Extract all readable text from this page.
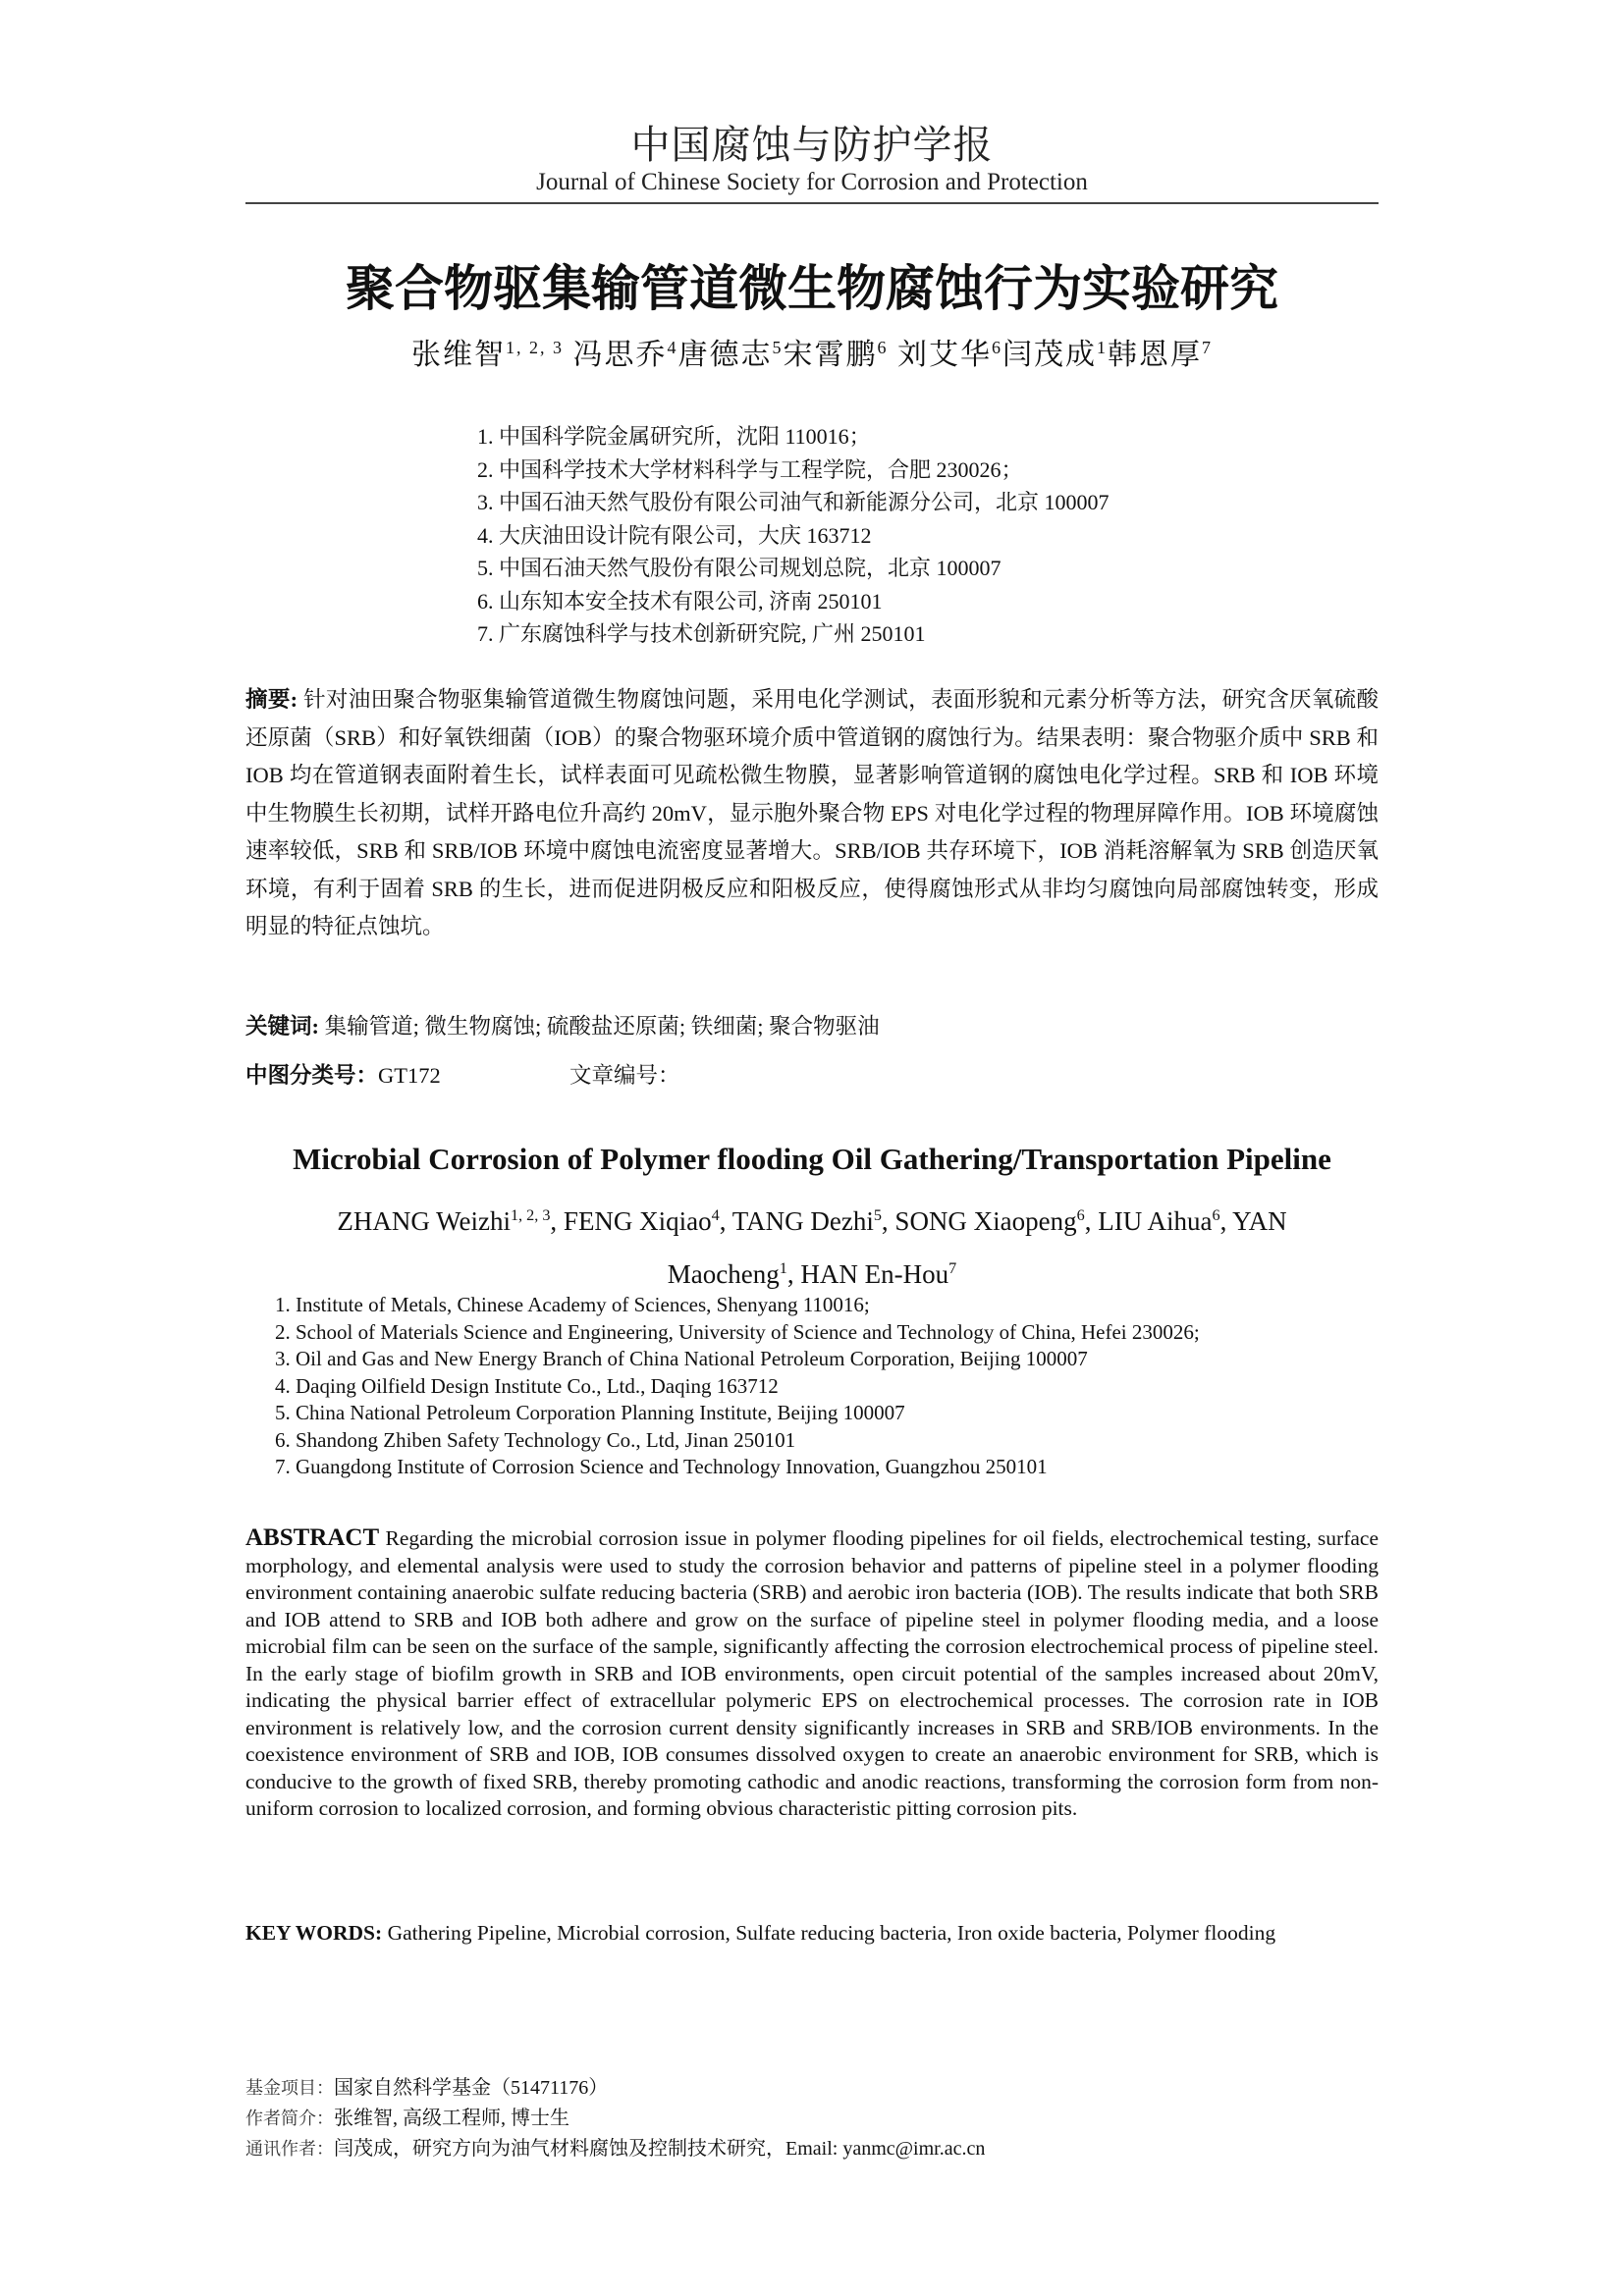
中国腐蚀与防护学报
Journal of Chinese Society for Corrosion and Protection
聚合物驱集输管道微生物腐蚀行为实验研究
张维智$^{1, 2, 3}$ 冯思乔$^4$唐德志$^5$宋霄鹏$^6$ 刘艾华$^6$闫茂成$^1$韩恩厚$^7$
1. 中国科学院金属研究所，沈阳 110016；
2. 中国科学技术大学材料科学与工程学院，合肥 230026；
3. 中国石油天然气股份有限公司油气和新能源分公司，北京 100007
4. 大庆油田设计院有限公司，大庆 163712
5. 中国石油天然气股份有限公司规划总院，北京 100007
6. 山东知本安全技术有限公司, 济南 250101
7. 广东腐蚀科学与技术创新研究院, 广州 250101

摘要: 针对油田聚合物驱集输管道微生物腐蚀问题，采用电化学测试，表面形貌和元素分析等方法，研究含厌氧硫酸还原菌（SRB）和好氧铁细菌（IOB）的聚合物驱环境介质中管道钢的腐蚀行为。结果表明：聚合物驱介质中 SRB 和 IOB 均在管道钢表面附着生长，试样表面可见疏松微生物膜，显著影响管道钢的腐蚀电化学过程。SRB 和 IOB 环境中生物膜生长初期，试样开路电位升高约 20mV，显示胞外聚合物 EPS 对电化学过程的物理屏障作用。IOB 环境腐蚀速率较低，SRB 和 SRB/IOB 环境中腐蚀电流密度显著增大。SRB/IOB 共存环境下，IOB 消耗溶解氧为 SRB 创造厌氧环境，有利于固着 SRB 的生长，进而促进阴极反应和阳极反应，使得腐蚀形式从非均匀腐蚀向局部腐蚀转变，形成明显的特征点蚀坑。

关键词: 集输管道; 微生物腐蚀; 硫酸盐还原菌; 铁细菌; 聚合物驱油
中图分类号：GT172	文章编号：
Microbial Corrosion of Polymer flooding Oil Gathering/Transportation Pipeline
ZHANG Weizhi$^{1, 2, 3}$, FENG Xiqiao$^4$, TANG Dezhi$^5$, SONG Xiaopeng$^6$, LIU Aihua$^6$, YAN Maocheng$^1$, HAN En-Hou$^7$
1. Institute of Metals, Chinese Academy of Sciences, Shenyang 110016;
2. School of Materials Science and Engineering, University of Science and Technology of China, Hefei 230026;
3. Oil and Gas and New Energy Branch of China National Petroleum Corporation, Beijing 100007
4. Daqing Oilfield Design Institute Co., Ltd., Daqing 163712
5. China National Petroleum Corporation Planning Institute, Beijing 100007
6. Shandong Zhiben Safety Technology Co., Ltd, Jinan 250101
7. Guangdong Institute of Corrosion Science and Technology Innovation, Guangzhou 250101

ABSTRACT Regarding the microbial corrosion issue in polymer flooding pipelines for oil fields, electrochemical testing, surface morphology, and elemental analysis were used to study the corrosion behavior and patterns of pipeline steel in a polymer flooding environment containing anaerobic sulfate reducing bacteria (SRB) and aerobic iron bacteria (IOB). The results indicate that both SRB and IOB attend to SRB and IOB both adhere and grow on the surface of pipeline steel in polymer flooding media, and a loose microbial film can be seen on the surface of the sample, significantly affecting the corrosion electrochemical process of pipeline steel. In the early stage of biofilm growth in SRB and IOB environments, open circuit potential of the samples increased about 20mV, indicating the physical barrier effect of extracellular polymeric EPS on electrochemical processes. The corrosion rate in IOB environment is relatively low, and the corrosion current density significantly increases in SRB and SRB/IOB environments. In the coexistence environment of SRB and IOB, IOB consumes dissolved oxygen to create an anaerobic environment for SRB, which is conducive to the growth of fixed SRB, thereby promoting cathodic and anodic reactions, transforming the corrosion form from non-uniform corrosion to localized corrosion, and forming obvious characteristic pitting corrosion pits.

KEY WORDS: Gathering Pipeline, Microbial corrosion, Sulfate reducing bacteria, Iron oxide bacteria, Polymer flooding

基金项目：国家自然科学基金（51471176）
作者简介：张维智, 高级工程师, 博士生
通讯作者：闫茂成，研究方向为油气材料腐蚀及控制技术研究，Email: yanmc@imr.ac.cn
